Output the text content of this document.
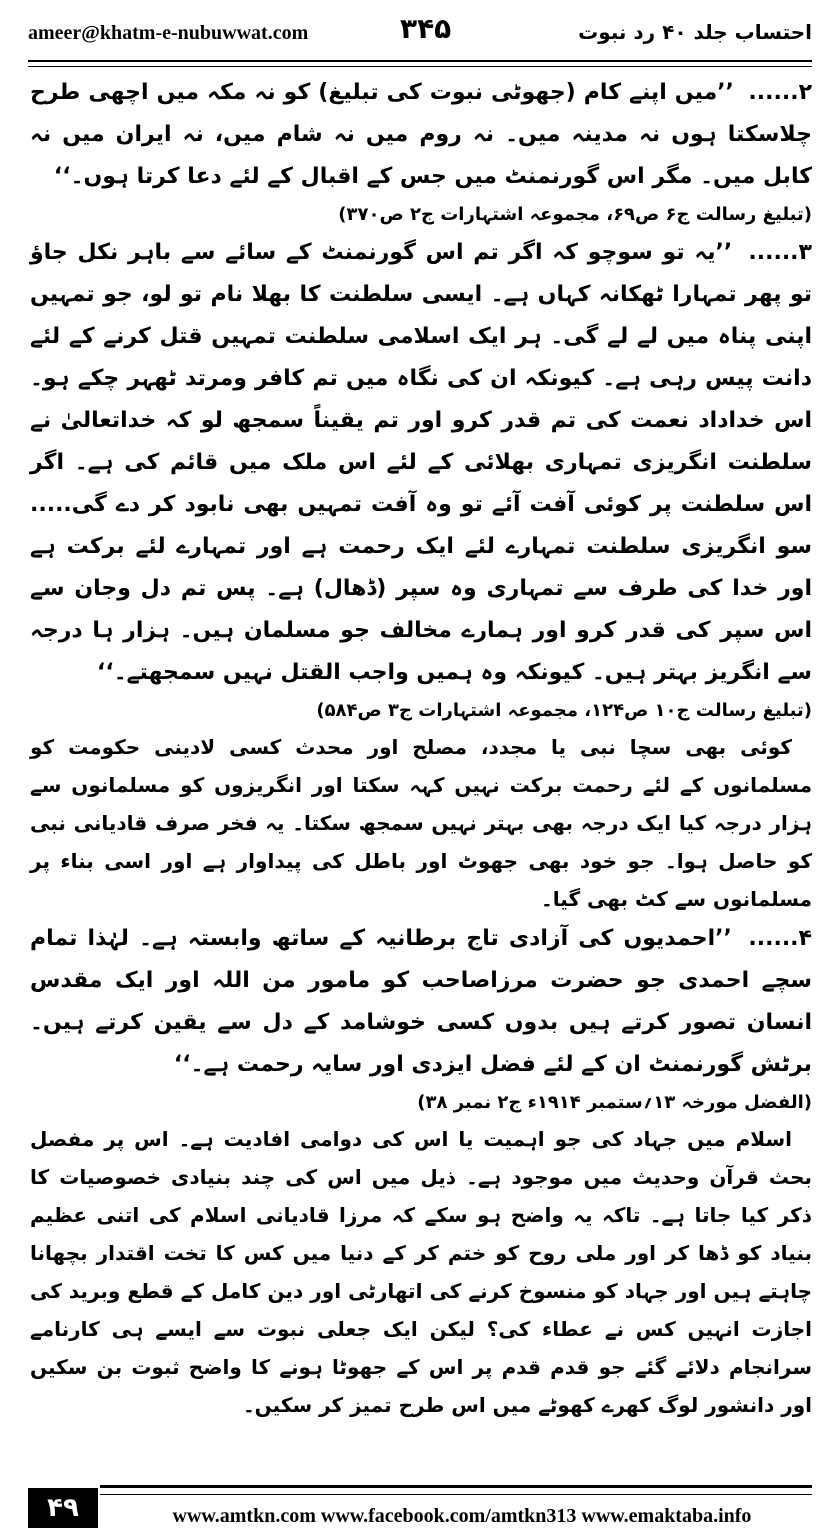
ameer@khatm-e-nubuwwat.com	۳۴۵	احتساب جلد ۴۰ رد نبوت

۲...... ’’میں اپنے کام (جھوٹی نبوت کی تبلیغ) کو نہ مکہ میں اچھی طرح چلاسکتا ہوں نہ مدینہ میں۔ نہ روم میں نہ شام میں، نہ ایران میں نہ کابل میں۔ مگر اس گورنمنٹ میں جس کے اقبال کے لئے دعا کرتا ہوں۔‘‘

(تبلیغ رسالت ج۶ ص۶۹، مجموعہ اشتہارات ج۲ ص۳۷۰)

۳...... ’’یہ تو سوچو کہ اگر تم اس گورنمنٹ کے سائے سے باہر نکل جاؤ تو پھر تمہارا ٹھکانہ کہاں ہے۔ ایسی سلطنت کا بھلا نام تو لو، جو تمہیں اپنی پناہ میں لے لے گی۔ ہر ایک اسلامی سلطنت تمہیں قتل کرنے کے لئے دانت پیس رہی ہے۔ کیونکہ ان کی نگاہ میں تم کافر ومرتد ٹھہر چکے ہو۔ اس خداداد نعمت کی تم قدر کرو اور تم یقیناً سمجھ لو کہ خداتعالیٰ نے سلطنت انگریزی تمہاری بھلائی کے لئے اس ملک میں قائم کی ہے۔ اگر اس سلطنت پر کوئی آفت آئے تو وہ آفت تمہیں بھی نابود کر دے گی..... سو انگریزی سلطنت تمہارے لئے ایک رحمت ہے اور تمہارے لئے برکت ہے اور خدا کی طرف سے تمہاری وہ سپر (ڈھال) ہے۔ پس تم دل وجان سے اس سپر کی قدر کرو اور ہمارے مخالف جو مسلمان ہیں۔ ہزار ہا درجہ سے انگریز بہتر ہیں۔ کیونکہ وہ ہمیں واجب القتل نہیں سمجھتے۔‘‘

(تبلیغ رسالت ج۱۰ ص۱۲۴، مجموعہ اشتہارات ج۳ ص۵۸۴)

کوئی بھی سچا نبی یا مجدد، مصلح اور محدث کسی لادینی حکومت کو مسلمانوں کے لئے رحمت برکت نہیں کہہ سکتا اور انگریزوں کو مسلمانوں سے ہزار درجہ کیا ایک درجہ بھی بہتر نہیں سمجھ سکتا۔ یہ فخر صرف قادیانی نبی کو حاصل ہوا۔ جو خود بھی جھوٹ اور باطل کی پیداوار ہے اور اسی بناء پر مسلمانوں سے کٹ بھی گیا۔

۴...... ’’احمدیوں کی آزادی تاج برطانیہ کے ساتھ وابستہ ہے۔ لہٰذا تمام سچے احمدی جو حضرت مرزاصاحب کو مامور من اللہ اور ایک مقدس انسان تصور کرتے ہیں بدوں کسی خوشامد کے دل سے یقین کرتے ہیں۔ برٹش گورنمنٹ ان کے لئے فضل ایزدی اور سایہ رحمت ہے۔‘‘

(الفضل مورخہ ۱۳؍ستمبر ۱۹۱۴ء ج۲ نمبر ۳۸)

اسلام میں جہاد کی جو اہمیت یا اس کی دوامی افادیت ہے۔ اس پر مفصل بحث قرآن وحدیث میں موجود ہے۔ ذیل میں اس کی چند بنیادی خصوصیات کا ذکر کیا جاتا ہے۔ تاکہ یہ واضح ہو سکے کہ مرزا قادیانی اسلام کی اتنی عظیم بنیاد کو ڈھا کر اور ملی روح کو ختم کر کے دنیا میں کس کا تخت اقتدار بچھانا چاہتے ہیں اور جہاد کو منسوخ کرنے کی اتھارٹی اور دین کامل کے قطع وبرید کی اجازت انہیں کس نے عطاء کی؟ لیکن ایک جعلی نبوت سے ایسے ہی کارنامے سرانجام دلائے گئے جو قدم قدم پر اس کے جھوٹا ہونے کا واضح ثبوت بن سکیں اور دانشور لوگ کھرے کھوٹے میں اس طرح تمیز کر سکیں۔

۴۹	www.amtkn.com www.facebook.com/amtkn313 www.emaktaba.info
